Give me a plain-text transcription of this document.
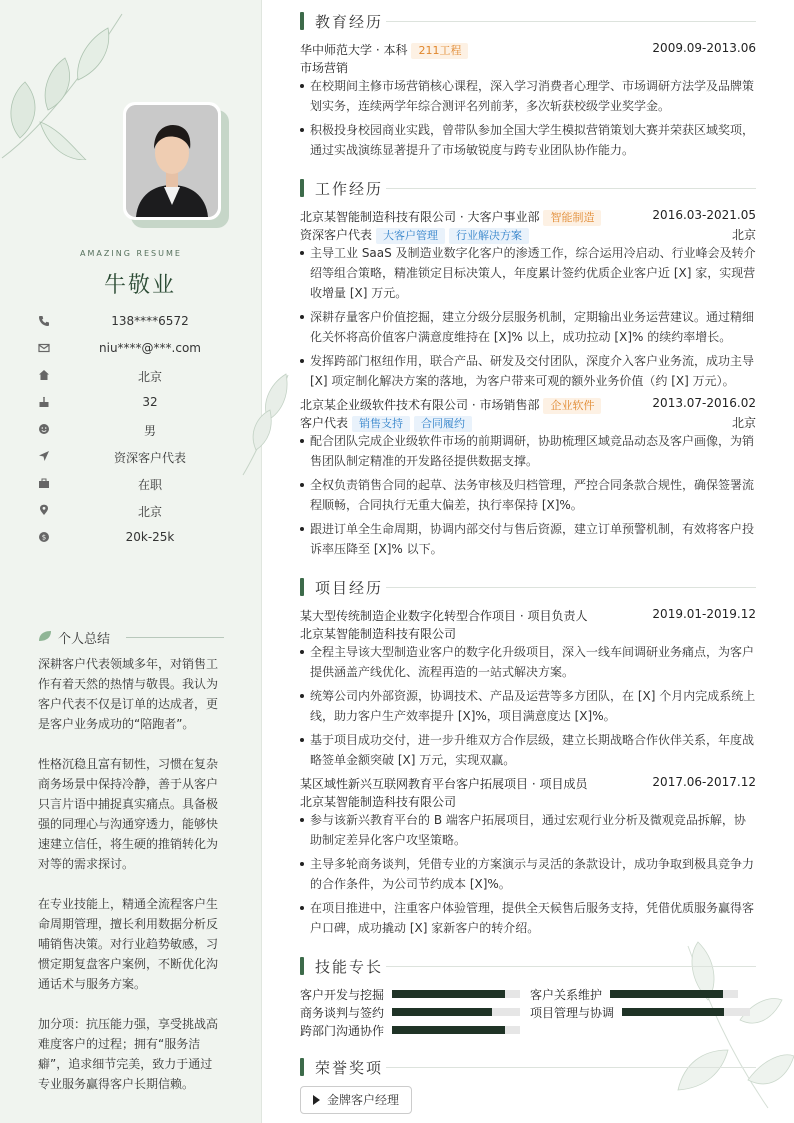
AMAZING RESUME
牛敬业
138****6572
niu****@***.com
北京
32
男
资深客户代表
在职
北京
$	20k-25k
个人总结

深耕客户代表领域多年，对销售工作有着天然的热情与敬畏。我认为客户代表不仅是订单的达成者，更是客户业务成功的“陪跑者”。

性格沉稳且富有韧性，习惯在复杂商务场景中保持冷静，善于从客户只言片语中捕捉真实痛点。具备极强的同理心与沟通穿透力，能够快速建立信任，将生硬的推销转化为对等的需求探讨。

在专业技能上，精通全流程客户生命周期管理，擅长利用数据分析反哺销售决策。对行业趋势敏感，习惯定期复盘客户案例，不断优化沟通话术与服务方案。

加分项：抗压能力强，享受挑战高难度客户的过程；拥有“服务洁癖”，追求细节完美，致力于通过专业服务赢得客户长期信赖。

教育经历
华中师范大学 · 本科 211工程	2009.09-2013.06
市场营销
在校期间主修市场营销核心课程，深入学习消费者心理学、市场调研方法学及品牌策划实务，连续两学年综合测评名列前茅，多次斩获校级学业奖学金。
积极投身校园商业实践，曾带队参加全国大学生模拟营销策划大赛并荣获区域奖项，通过实战演练显著提升了市场敏锐度与跨专业团队协作能力。
工作经历
北京某智能制造科技有限公司 · 大客户事业部 智能制造	2016.03-2021.05
资深客户代表 大客户管理 行业解决方案	北京
主导工业 SaaS 及制造业数字化客户的渗透工作，综合运用冷启动、行业峰会及转介绍等组合策略，精准锁定目标决策人，年度累计签约优质企业客户近 [X] 家，实现营收增量 [X] 万元。
深耕存量客户价值挖掘，建立分级分层服务机制，定期输出业务运营建议。通过精细化关怀将高价值客户满意度维持在 [X]% 以上，成功拉动 [X]% 的续约率增长。
发挥跨部门枢纽作用，联合产品、研发及交付团队，深度介入客户业务流，成功主导 [X] 项定制化解决方案的落地，为客户带来可观的额外业务价值（约 [X] 万元）。
北京某企业级软件技术有限公司 · 市场销售部 企业软件	2013.07-2016.02
客户代表 销售支持 合同履约	北京
配合团队完成企业级软件市场的前期调研，协助梳理区域竞品动态及客户画像，为销售团队制定精准的开发路径提供数据支撑。
全权负责销售合同的起草、法务审核及归档管理，严控合同条款合规性，确保签署流程顺畅，合同执行无重大偏差，执行率保持 [X]%。
跟进订单全生命周期，协调内部交付与售后资源，建立订单预警机制，有效将客户投诉率压降至 [X]% 以下。
项目经历
某大型传统制造企业数字化转型合作项目 · 项目负责人	2019.01-2019.12
北京某智能制造科技有限公司
全程主导该大型制造业客户的数字化升级项目，深入一线车间调研业务痛点，为客户提供涵盖产线优化、流程再造的一站式解决方案。
统筹公司内外部资源，协调技术、产品及运营等多方团队，在 [X] 个月内完成系统上线，助力客户生产效率提升 [X]%，项目满意度达 [X]%。
基于项目成功交付，进一步升维双方合作层级，建立长期战略合作伙伴关系，年度战略签单金额突破 [X] 万元，实现双赢。
某区域性新兴互联网教育平台客户拓展项目 · 项目成员	2017.06-2017.12
北京某智能制造科技有限公司
参与该新兴教育平台的 B 端客户拓展项目，通过宏观行业分析及微观竞品拆解，协助制定差异化客户攻坚策略。
主导多轮商务谈判，凭借专业的方案演示与灵活的条款设计，成功争取到极具竞争力的合作条件，为公司节约成本 [X]%。
在项目推进中，注重客户体验管理，提供全天候售后服务支持，凭借优质服务赢得客户口碑，成功撬动 [X] 家新客户的转介绍。
技能专长
客户开发与挖掘	客户关系维护
商务谈判与签约	项目管理与协调
跨部门沟通协作
荣誉奖项
金牌客户经理
